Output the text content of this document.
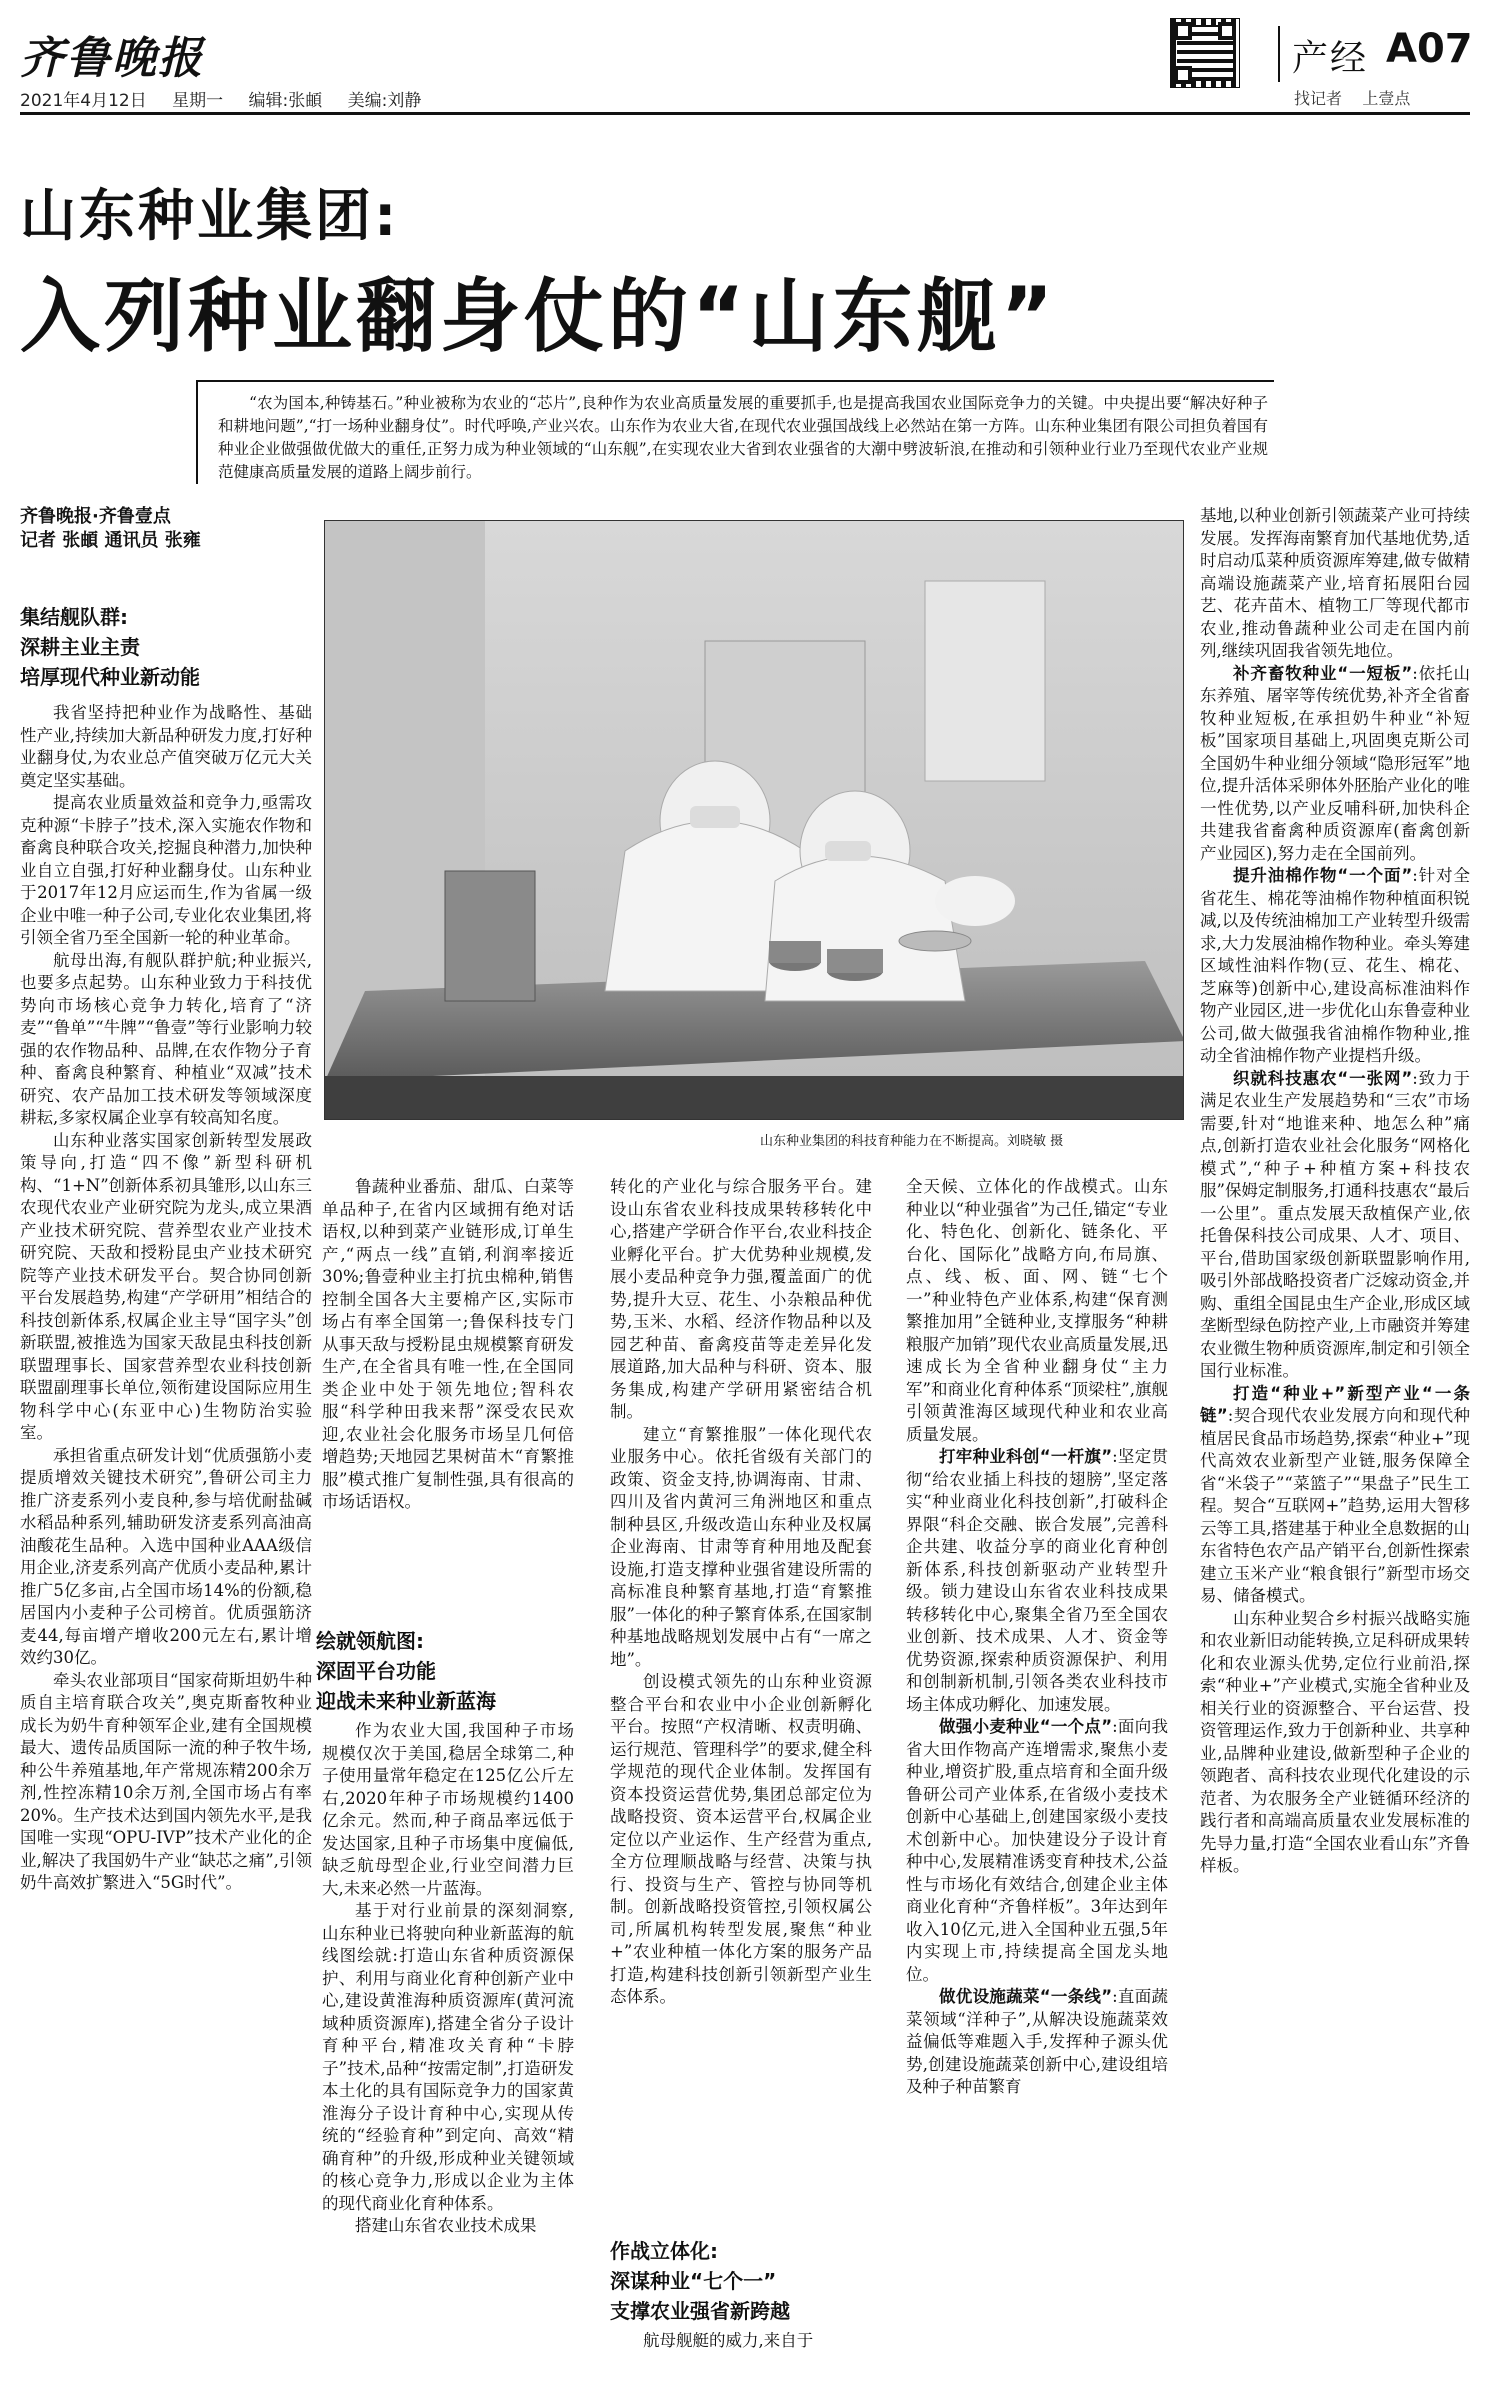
齐鲁晚报
2021年4月12日 星期一 编辑:张頔 美编:刘静
产经 A07
找记者 上壹点
山东种业集团:
入列种业翻身仗的“山东舰”

“农为国本,种铸基石。”种业被称为农业的“芯片”,良种作为农业高质量发展的重要抓手,也是提高我国农业国际竞争力的关键。中央提出要“解决好种子和耕地问题”,“打一场种业翻身仗”。时代呼唤,产业兴农。山东作为农业大省,在现代农业强国战线上必然站在第一方阵。山东种业集团有限公司担负着国有种业企业做强做优做大的重任,正努力成为种业领域的“山东舰”,在实现农业大省到农业强省的大潮中劈波斩浪,在推动和引领种业行业乃至现代农业产业规范健康高质量发展的道路上阔步前行。

齐鲁晚报·齐鲁壹点
记者 张頔 通讯员 张雍
山东种业集团的科技育种能力在不断提高。刘晓敏 摄
集结舰队群:
深耕主业主责
培厚现代种业新动能

我省坚持把种业作为战略性、基础性产业,持续加大新品种研发力度,打好种业翻身仗,为农业总产值突破万亿元大关奠定坚实基础。

提高农业质量效益和竞争力,亟需攻克种源“卡脖子”技术,深入实施农作物和畜禽良种联合攻关,挖掘良种潜力,加快种业自立自强,打好种业翻身仗。山东种业于2017年12月应运而生,作为省属一级企业中唯一种子公司,专业化农业集团,将引领全省乃至全国新一轮的种业革命。

航母出海,有舰队群护航;种业振兴,也要多点起势。山东种业致力于科技优势向市场核心竞争力转化,培育了“济麦”“鲁单”“牛牌”“鲁壹”等行业影响力较强的农作物品种、品牌,在农作物分子育种、畜禽良种繁育、种植业“双减”技术研究、农产品加工技术研发等领域深度耕耘,多家权属企业享有较高知名度。

山东种业落实国家创新转型发展政策导向,打造“四不像”新型科研机构、“1+N”创新体系初具雏形,以山东三农现代农业产业研究院为龙头,成立果酒产业技术研究院、营养型农业产业技术研究院、天敌和授粉昆虫产业技术研究院等产业技术研发平台。契合协同创新平台发展趋势,构建“产学研用”相结合的科技创新体系,权属企业主导“国字头”创新联盟,被推选为国家天敌昆虫科技创新联盟理事长、国家营养型农业科技创新联盟副理事长单位,领衔建设国际应用生物科学中心(东亚中心)生物防治实验室。

承担省重点研发计划“优质强筋小麦提质增效关键技术研究”,鲁研公司主力推广济麦系列小麦良种,参与培优耐盐碱水稻品种系列,辅助研发济麦系列高油高油酸花生品种。入选中国种业AAA级信用企业,济麦系列高产优质小麦品种,累计推广5亿多亩,占全国市场14%的份额,稳居国内小麦种子公司榜首。优质强筋济麦44,每亩增产增收200元左右,累计增效约30亿。

牵头农业部项目“国家荷斯坦奶牛种质自主培育联合攻关”,奥克斯畜牧种业成长为奶牛育种领军企业,建有全国规模最大、遗传品质国际一流的种子牧牛场,种公牛养殖基地,年产常规冻精200余万剂,性控冻精10余万剂,全国市场占有率20%。生产技术达到国内领先水平,是我国唯一实现“OPU-IVP”技术产业化的企业,解决了我国奶牛产业“缺芯之痛”,引领奶牛高效扩繁进入“5G时代”。

鲁蔬种业番茄、甜瓜、白菜等单品种子,在省内区域拥有绝对话语权,以种到菜产业链形成,订单生产,“两点一线”直销,利润率接近30%;鲁壹种业主打抗虫棉种,销售控制全国各大主要棉产区,实际市场占有率全国第一;鲁保科技专门从事天敌与授粉昆虫规模繁育研发生产,在全省具有唯一性,在全国同类企业中处于领先地位;智科农服“科学种田我来帮”深受农民欢迎,农业社会化服务市场呈几何倍增趋势;天地园艺果树苗木“育繁推服”模式推广复制性强,具有很高的市场话语权。

绘就领航图:
深固平台功能
迎战未来种业新蓝海

作为农业大国,我国种子市场规模仅次于美国,稳居全球第二,种子使用量常年稳定在125亿公斤左右,2020年种子市场规模约1400亿余元。然而,种子商品率远低于发达国家,且种子市场集中度偏低,缺乏航母型企业,行业空间潜力巨大,未来必然一片蓝海。

基于对行业前景的深刻洞察,山东种业已将驶向种业新蓝海的航线图绘就:打造山东省种质资源保护、利用与商业化育种创新产业中心,建设黄淮海种质资源库(黄河流域种质资源库),搭建全省分子设计育种平台,精准攻关育种“卡脖子”技术,品种“按需定制”,打造研发本土化的具有国际竞争力的国家黄淮海分子设计育种中心,实现从传统的“经验育种”到定向、高效“精确育种”的升级,形成种业关键领域的核心竞争力,形成以企业为主体的现代商业化育种体系。

搭建山东省农业技术成果

转化的产业化与综合服务平台。建设山东省农业科技成果转移转化中心,搭建产学研合作平台,农业科技企业孵化平台。扩大优势种业规模,发展小麦品种竞争力强,覆盖面广的优势,提升大豆、花生、小杂粮品种优势,玉米、水稻、经济作物品种以及园艺种苗、畜禽疫苗等走差异化发展道路,加大品种与科研、资本、服务集成,构建产学研用紧密结合机制。

建立“育繁推服”一体化现代农业服务中心。依托省级有关部门的政策、资金支持,协调海南、甘肃、四川及省内黄河三角洲地区和重点制种县区,升级改造山东种业及权属企业海南、甘肃等育种用地及配套设施,打造支撑种业强省建设所需的高标准良种繁育基地,打造“育繁推服”一体化的种子繁育体系,在国家制种基地战略规划发展中占有“一席之地”。

创设模式领先的山东种业资源整合平台和农业中小企业创新孵化平台。按照“产权清晰、权责明确、运行规范、管理科学”的要求,健全科学规范的现代企业体制。发挥国有资本投资运营优势,集团总部定位为战略投资、资本运营平台,权属企业定位以产业运作、生产经营为重点,全方位理顺战略与经营、决策与执行、投资与生产、管控与协同等机制。创新战略投资管控,引领权属公司,所属机构转型发展,聚焦“种业+”农业种植一体化方案的服务产品打造,构建科技创新引领新型产业生态体系。

作战立体化:
深谋种业“七个一”
支撑农业强省新跨越

航母舰艇的威力,来自于

全天候、立体化的作战模式。山东种业以“种业强省”为己任,锚定“专业化、特色化、创新化、链条化、平台化、国际化”战略方向,布局旗、点、线、板、面、网、链“七个一”种业特色产业体系,构建“保育测繁推加用”全链种业,支撑服务“种耕粮服产加销”现代农业高质量发展,迅速成长为全省种业翻身仗“主力军”和商业化育种体系“顶梁柱”,旗舰引领黄淮海区域现代种业和农业高质量发展。

打牢种业科创“一杆旗”:坚定贯彻“给农业插上科技的翅膀”,坚定落实“种业商业化科技创新”,打破科企界限“科企交融、嵌合发展”,完善科企共建、收益分享的商业化育种创新体系,科技创新驱动产业转型升级。锁力建设山东省农业科技成果转移转化中心,聚集全省乃至全国农业创新、技术成果、人才、资金等优势资源,探索种质资源保护、利用和创制新机制,引领各类农业科技市场主体成功孵化、加速发展。

做强小麦种业“一个点”:面向我省大田作物高产连增需求,聚焦小麦种业,增资扩股,重点培育和全面升级鲁研公司产业体系,在省级小麦技术创新中心基础上,创建国家级小麦技术创新中心。加快建设分子设计育种中心,发展精准诱变育种技术,公益性与市场化有效结合,创建企业主体商业化育种“齐鲁样板”。3年达到年收入10亿元,进入全国种业五强,5年内实现上市,持续提高全国龙头地位。

做优设施蔬菜“一条线”:直面蔬菜领域“洋种子”,从解决设施蔬菜效益偏低等难题入手,发挥种子源头优势,创建设施蔬菜创新中心,建设组培及种子种苗繁育

基地,以种业创新引领蔬菜产业可持续发展。发挥海南繁育加代基地优势,适时启动瓜菜种质资源库筹建,做专做精高端设施蔬菜产业,培育拓展阳台园艺、花卉苗木、植物工厂等现代都市农业,推动鲁蔬种业公司走在国内前列,继续巩固我省领先地位。

补齐畜牧种业“一短板”:依托山东养殖、屠宰等传统优势,补齐全省畜牧种业短板,在承担奶牛种业“补短板”国家项目基础上,巩固奥克斯公司全国奶牛种业细分领域“隐形冠军”地位,提升活体采卵体外胚胎产业化的唯一性优势,以产业反哺科研,加快科企共建我省畜禽种质资源库(畜禽创新产业园区),努力走在全国前列。

提升油棉作物“一个面”:针对全省花生、棉花等油棉作物种植面积锐减,以及传统油棉加工产业转型升级需求,大力发展油棉作物种业。牵头筹建区域性油料作物(豆、花生、棉花、芝麻等)创新中心,建设高标准油料作物产业园区,进一步优化山东鲁壹种业公司,做大做强我省油棉作物种业,推动全省油棉作物产业提档升级。

织就科技惠农“一张网”:致力于满足农业生产发展趋势和“三农”市场需要,针对“地谁来种、地怎么种”痛点,创新打造农业社会化服务“网格化模式”,“种子+种植方案+科技农服”保姆定制服务,打通科技惠农“最后一公里”。重点发展天敌植保产业,依托鲁保科技公司成果、人才、项目、平台,借助国家级创新联盟影响作用,吸引外部战略投资者广泛嫁动资金,并购、重组全国昆虫生产企业,形成区域垄断型绿色防控产业,上市融资并筹建农业微生物种质资源库,制定和引领全国行业标准。

打造“种业+”新型产业“一条链”:契合现代农业发展方向和现代种植居民食品市场趋势,探索“种业+”现代高效农业新型产业链,服务保障全省“米袋子”“菜篮子”“果盘子”民生工程。契合“互联网+”趋势,运用大智移云等工具,搭建基于种业全息数据的山东省特色农产品产销平台,创新性探索建立玉米产业“粮食银行”新型市场交易、储备模式。

山东种业契合乡村振兴战略实施和农业新旧动能转换,立足科研成果转化和农业源头优势,定位行业前沿,探索“种业+”产业模式,实施全省种业及相关行业的资源整合、平台运营、投资管理运作,致力于创新种业、共享种业,品牌种业建设,做新型种子企业的领跑者、高科技农业现代化建设的示范者、为农服务全产业链循环经济的践行者和高端高质量农业发展标准的先导力量,打造“全国农业看山东”齐鲁样板。
